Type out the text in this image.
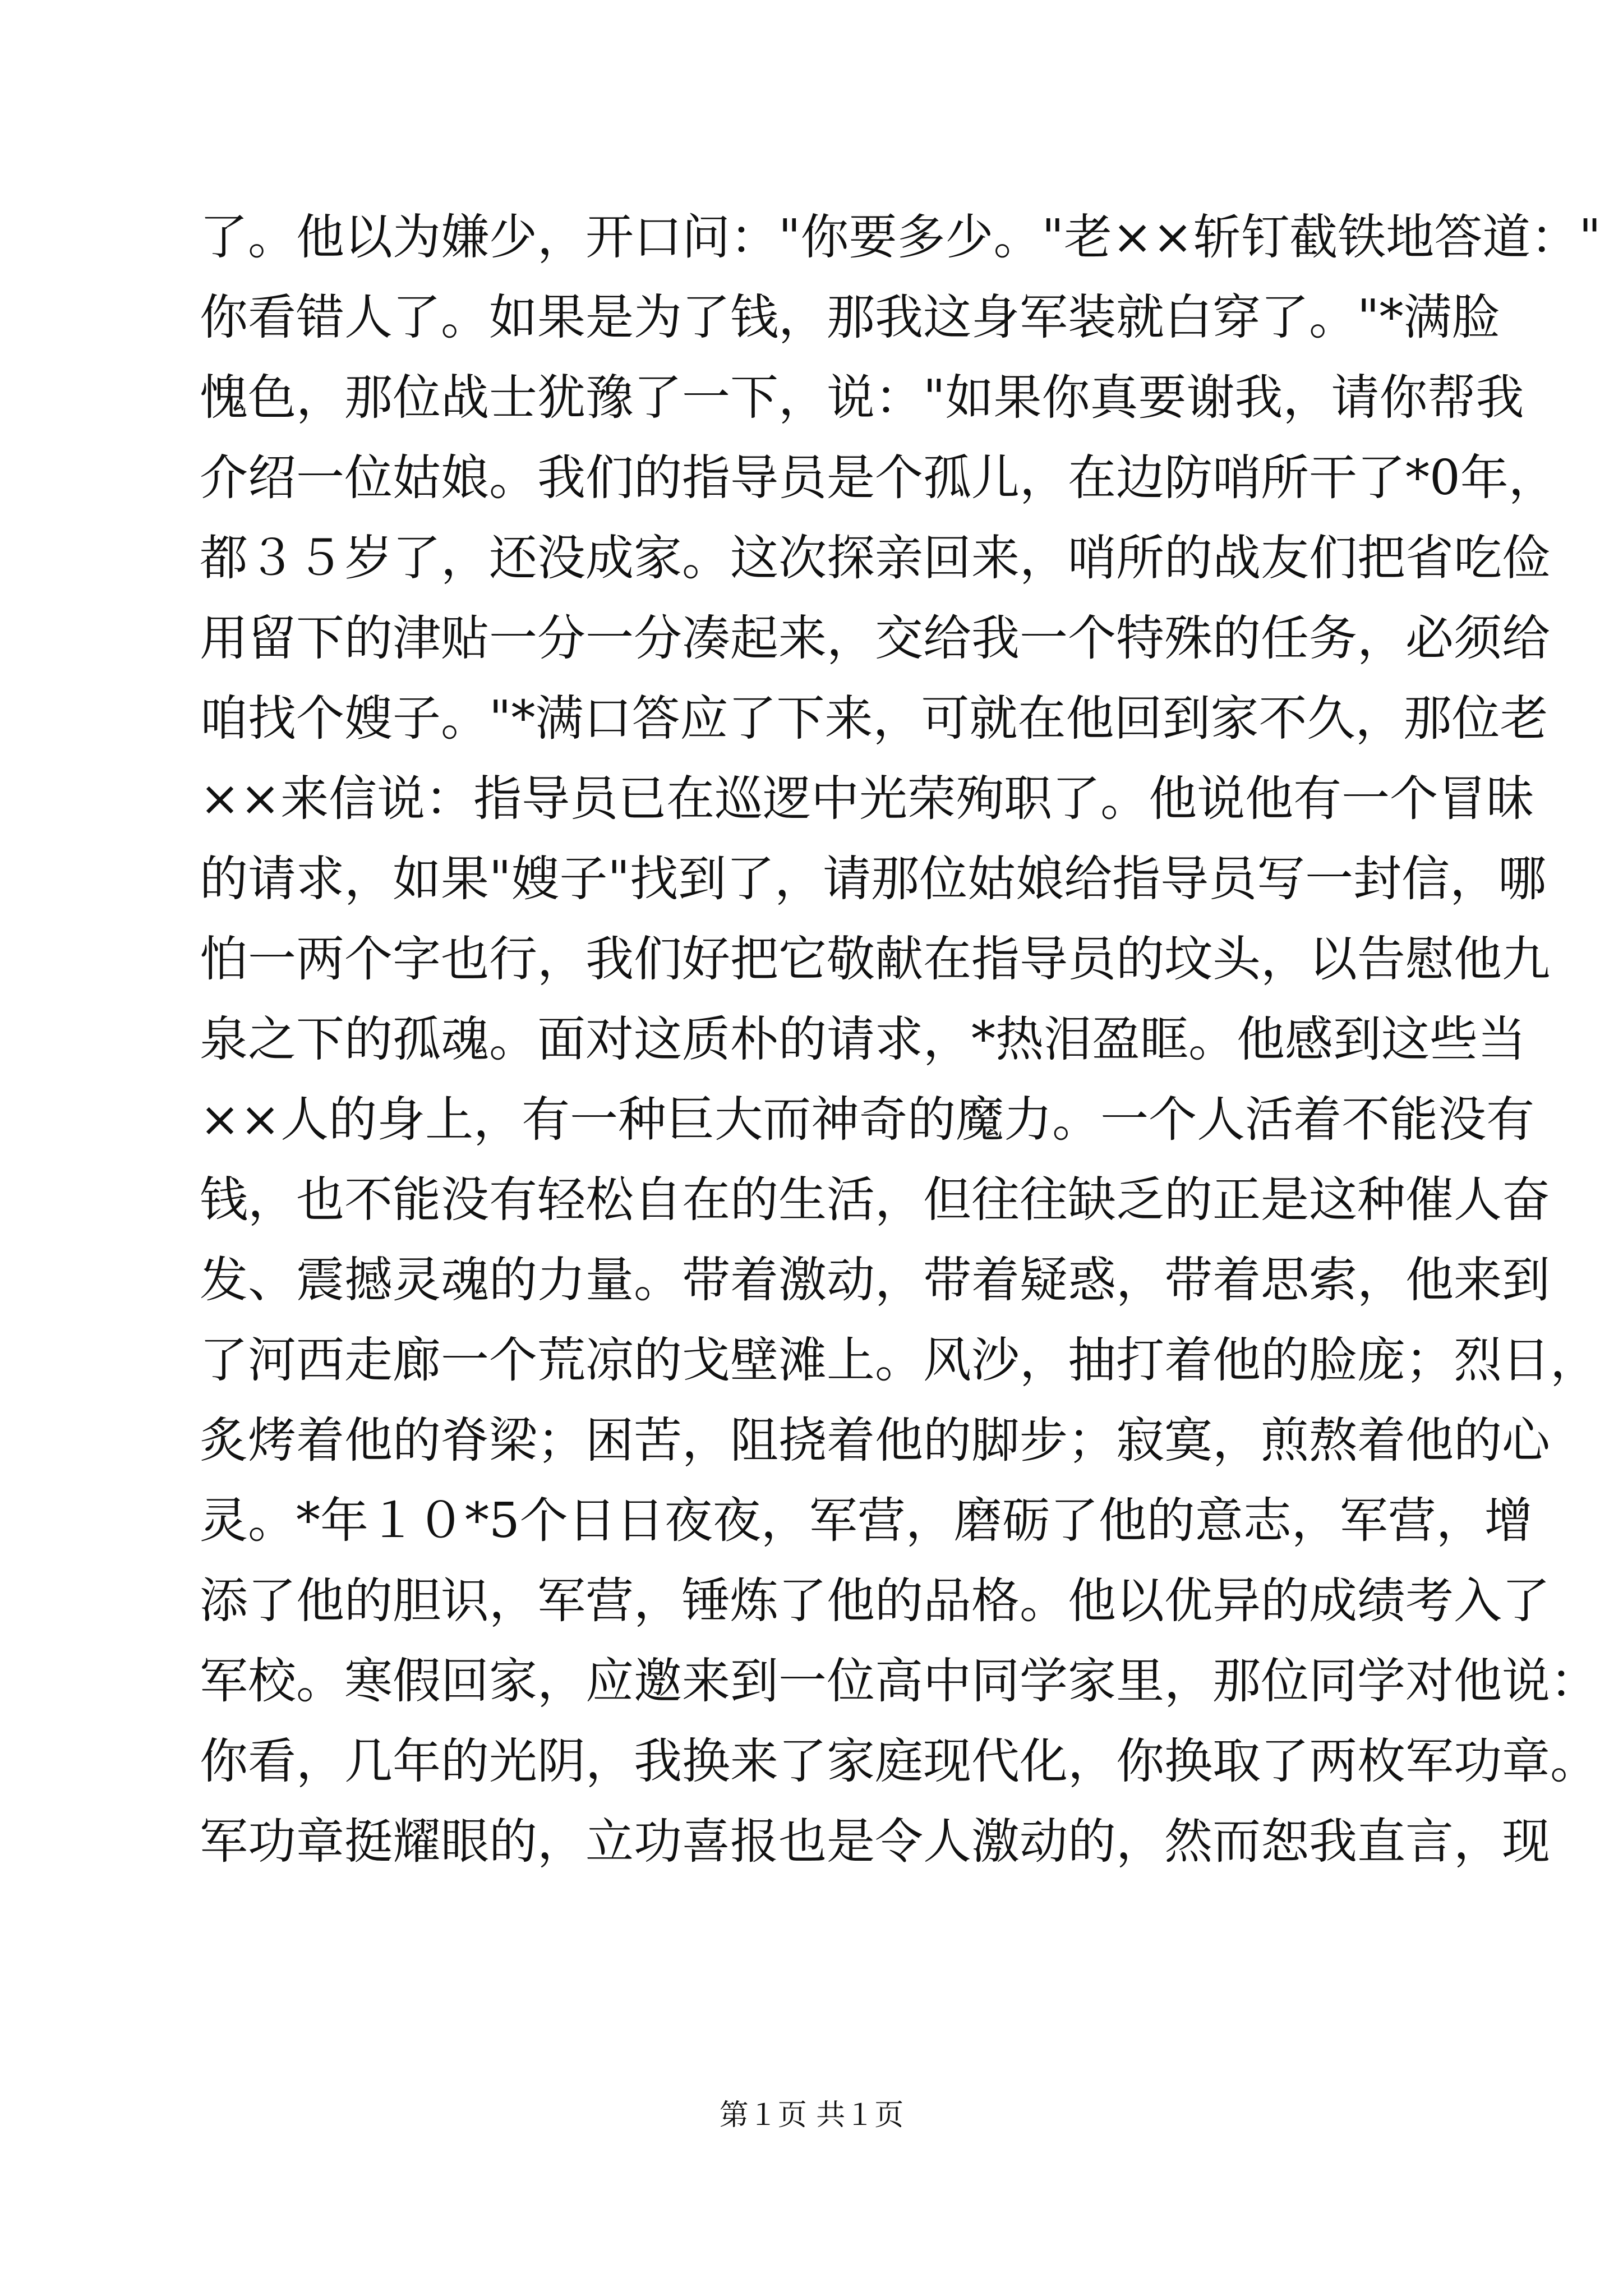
了。他以为嫌少，开口问："你要多少。"老××斩钉截铁地答道："
你看错人了。如果是为了钱，那我这身军装就白穿了。"*满脸
愧色，那位战士犹豫了一下，说："如果你真要谢我，请你帮我
介绍一位姑娘。我们的指导员是个孤儿，在边防哨所干了*0年，
都３５岁了，还没成家。这次探亲回来，哨所的战友们把省吃俭
用留下的津贴一分一分凑起来，交给我一个特殊的任务，必须给
咱找个嫂子。"*满口答应了下来，可就在他回到家不久，那位老
××来信说：指导员已在巡逻中光荣殉职了。他说他有一个冒昧
的请求，如果"嫂子"找到了，请那位姑娘给指导员写一封信，哪
怕一两个字也行，我们好把它敬献在指导员的坟头，以告慰他九
泉之下的孤魂。面对这质朴的请求，*热泪盈眶。他感到这些当
××人的身上，有一种巨大而神奇的魔力。一个人活着不能没有
钱，也不能没有轻松自在的生活，但往往缺乏的正是这种催人奋
发、震撼灵魂的力量。带着激动，带着疑惑，带着思索，他来到
了河西走廊一个荒凉的戈壁滩上。风沙，抽打着他的脸庞；烈日，
炙烤着他的脊梁；困苦，阻挠着他的脚步；寂寞，煎熬着他的心
灵。*年１０*5个日日夜夜，军营，磨砺了他的意志，军营，增
添了他的胆识，军营，锤炼了他的品格。他以优异的成绩考入了
军校。寒假回家，应邀来到一位高中同学家里，那位同学对他说：
你看，几年的光阴，我换来了家庭现代化，你换取了两枚军功章。
军功章挺耀眼的，立功喜报也是令人激动的，然而恕我直言，现
第１页 共１页
